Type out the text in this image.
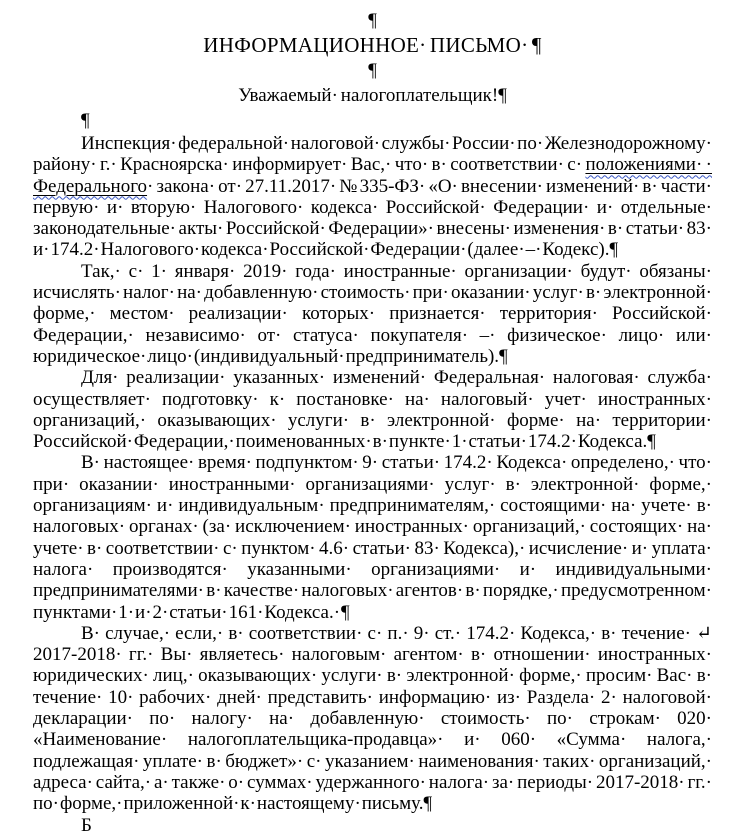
¶
ИНФОРМАЦИОННОЕ· ПИСЬМО· ¶
¶
Уважаемый· налогоплательщик!¶
¶
Инспекция· федеральной· налоговой· службы· России· по· Железнодорожному· району· г.· Красноярска· информирует· Вас,· что· в· соответствии· с· положениями· · Федерального· закона· от· 27.11.2017· №335-ФЗ· «О· внесении· изменений· в· части· первую· и· вторую· Налогового· кодекса· Российской· Федерации· и· отдельные· законодательные· акты· Российской· Федерации»· внесены· изменения· в· статьи· 83· и· 174.2· Налогового· кодекса· Российской· Федерации· (далее· –· Кодекс).¶
Так,· с· 1· января· 2019· года· иностранные· организации· будут· обязаны· исчислять· налог· на· добавленную· стоимость· при· оказании· услуг· в· электронной· форме,· местом· реализации· которых· признается· территория· Российской· Федерации,· независимо· от· статуса· покупателя· –· физическое· лицо· или· юридическое· лицо· (индивидуальный· предприниматель).¶
Для· реализации· указанных· изменений· Федеральная· налоговая· служба· осуществляет· подготовку· к· постановке· на· налоговый· учет· иностранных· организаций,· оказывающих· услуги· в· электронной· форме· на· территории· Российской· Федерации,· поименованных· в· пункте· 1· статьи· 174.2· Кодекса.¶
В· настоящее· время· подпунктом· 9· статьи· 174.2· Кодекса· определено,· что· при· оказании· иностранными· организациями· услуг· в· электронной· форме,· организациям· и· индивидуальным· предпринимателям,· состоящими· на· учете· в· налоговых· органах· (за· исключением· иностранных· организаций,· состоящих· на· учете· в· соответствии· с· пунктом· 4.6· статьи· 83· Кодекса),· исчисление· и· уплата· налога· производятся· указанными· организациями· и· индивидуальными· предпринимателями· в· качестве· налоговых· агентов· в· порядке,· предусмотренном· пунктами· 1· и· 2· статьи· 161· Кодекса.· ¶
В· случае,· если,· в· соответствии· с· п.· 9· ст.· 174.2· Кодекса,· в· течение· ↵
2017-2018· гг.· Вы· являетесь· налоговым· агентом· в· отношении· иностранных· юридических· лиц,· оказывающих· услуги· в· электронной· форме,· просим· Вас· в· течение· 10· рабочих· дней· представить· информацию· из· Раздела· 2· налоговой· декларации· по· налогу· на· добавленную· стоимость· по· строкам· 020· «Наименование· налогоплательщика-продавца»· и· 060· «Сумма· налога,· подлежащая· уплате· в· бюджет»· с· указанием· наименования· таких· организаций,· адреса· сайта,· а· также· о· суммах· удержанного· налога· за· периоды· 2017-2018· гг.· по· форме,· приложенной· к· настоящему· письму.¶
Б
